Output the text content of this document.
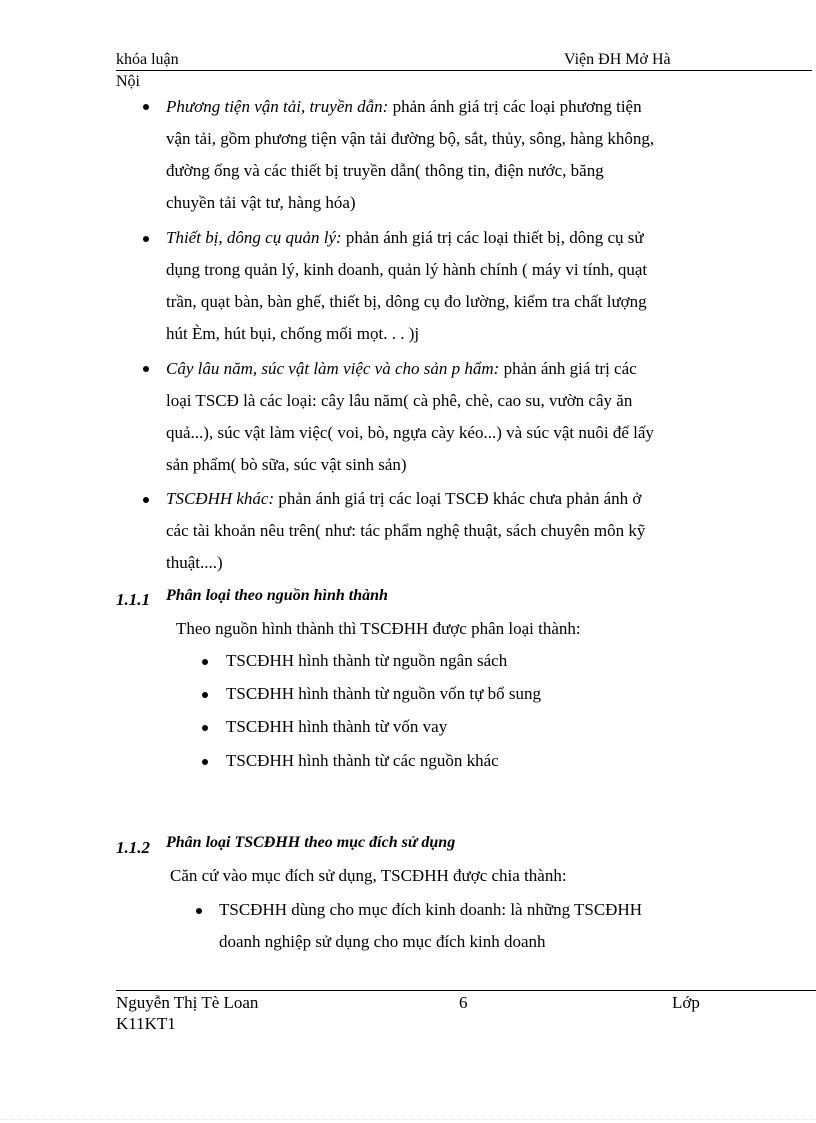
khóa luận	Viện ĐH Mở Hà
Nội
Phương tiện vận tải, truyền dẫn: phản ánh giá trị các loại phương tiện
vận tải, gồm phương tiện vận tải đường bộ, sắt, thủy, sông, hàng không,
đường ống và các thiết bị truyền dẫn( thông tin, điện nước, băng
chuyền tải vật tư, hàng hóa)
Thiết bị, dông cụ quản lý: phản ánh giá trị các loại thiết bị, dông cụ sử
dụng trong quản lý, kinh doanh, quản lý hành chính ( máy vi tính, quạt
trần, quạt bàn, bàn ghế, thiết bị, dông cụ đo lường, kiểm tra chất lượng
hút Èm, hút bụi, chống mối mọt. . . )j
Cây lâu năm, súc vật làm việc và cho sản p hẩm: phản ánh giá trị các
loại TSCĐ là các loại: cây lâu năm( cà phê, chè, cao su, vườn cây ăn
quả...), súc vật làm việc( voi, bò, ngựa cày kéo...) và súc vật nuôi để lấy
sản phẩm( bò sữa, súc vật sinh sản)
TSCĐHH khác: phản ánh giá trị các loại TSCĐ khác chưa phản ánh ở
các tài khoản nêu trên( như: tác phẩm nghệ thuật, sách chuyên môn kỹ
thuật....)
1.1.1 Phân loại theo nguồn hình thành
Theo nguồn hình thành thì TSCĐHH được phân loại thành:
TSCĐHH hình thành từ nguồn ngân sách
TSCĐHH hình thành từ nguồn vốn tự bổ sung
TSCĐHH hình thành từ vốn vay
TSCĐHH hình thành từ các nguồn khác
1.1.2 Phân loại TSCĐHH theo mục đích sử dụng
Căn cứ vào mục đích sử dụng, TSCĐHH được chia thành:
TSCĐHH dùng cho mục đích kinh doanh: là những TSCĐHH
doanh nghiệp sử dụng cho mục đích kinh doanh
Nguyễn Thị Tè Loan	6	Lớp
K11KT1
